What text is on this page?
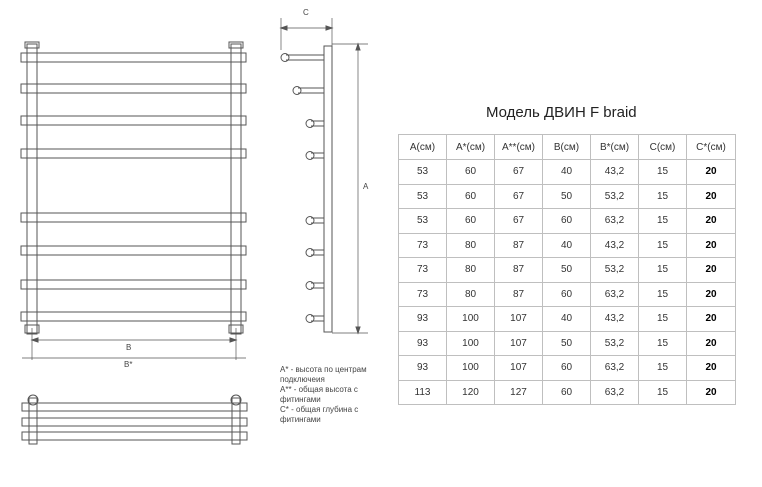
C
A
B
B*
A* - высота по центрам
подключеия
A** - общая высота с
фитингами
C* - общая глубина с
фитингами
Модель ДВИН F braid
A(см)	A*(см)	A**(см)	B(см)	B*(см)	C(см)	C*(см)
53	60	67	40	43,2	15	20
53	60	67	50	53,2	15	20
53	60	67	60	63,2	15	20
73	80	87	40	43,2	15	20
73	80	87	50	53,2	15	20
73	80	87	60	63,2	15	20
93	100	107	40	43,2	15	20
93	100	107	50	53,2	15	20
93	100	107	60	63,2	15	20
113	120	127	60	63,2	15	20
